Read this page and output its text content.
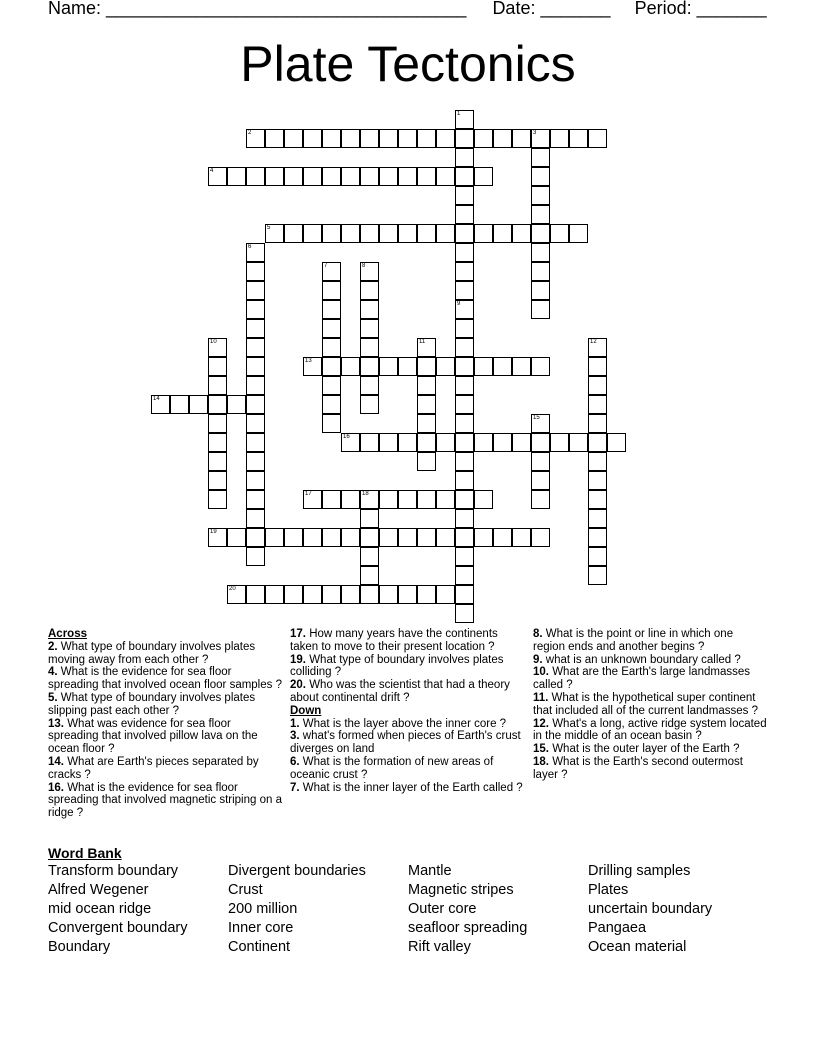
Name: ____________________________________ Date: _______ Period: _______
Plate Tectonics
1
9
2	3
4
5
6
7	8
10	11	12
13
14
15
16
17	18
19
20
Across
2. What type of boundary involves plates moving away from each other ?
4. What is the evidence for sea floor spreading that involved ocean floor samples ?
5. What type of boundary involves plates slipping past each other ?
13. What was evidence for sea floor spreading that involved pillow lava on the ocean floor ?
14. What are Earth's pieces separated by cracks ?
16. What is the evidence for sea floor spreading that involved magnetic striping on a ridge ?
17. How many years have the continents taken to move to their present location ?
19. What type of boundary involves plates colliding ?
20. Who was the scientist that had a theory about continental drift ?
Down
1. What is the layer above the inner core ?
3. what's formed when pieces of Earth's crust diverges on land
6. What is the formation of new areas of oceanic crust ?
7. What is the inner layer of the Earth called ?
8. What is the point or line in which one region ends and another begins ?
9. what is an unknown boundary called ?
10. What are the Earth's large landmasses called ?
11. What is the hypothetical super continent that included all of the current landmasses ?
12. What's a long, active ridge system located in the middle of an ocean basin ?
15. What is the outer layer of the Earth ?
18. What is the Earth's second outermost layer ?
Word Bank
Transform boundary	Divergent boundaries	Mantle	Drilling samples
Alfred Wegener	Crust	Magnetic stripes	Plates
mid ocean ridge	200 million	Outer core	uncertain boundary
Convergent boundary	Inner core	seafloor spreading	Pangaea
Boundary	Continent	Rift valley	Ocean material
